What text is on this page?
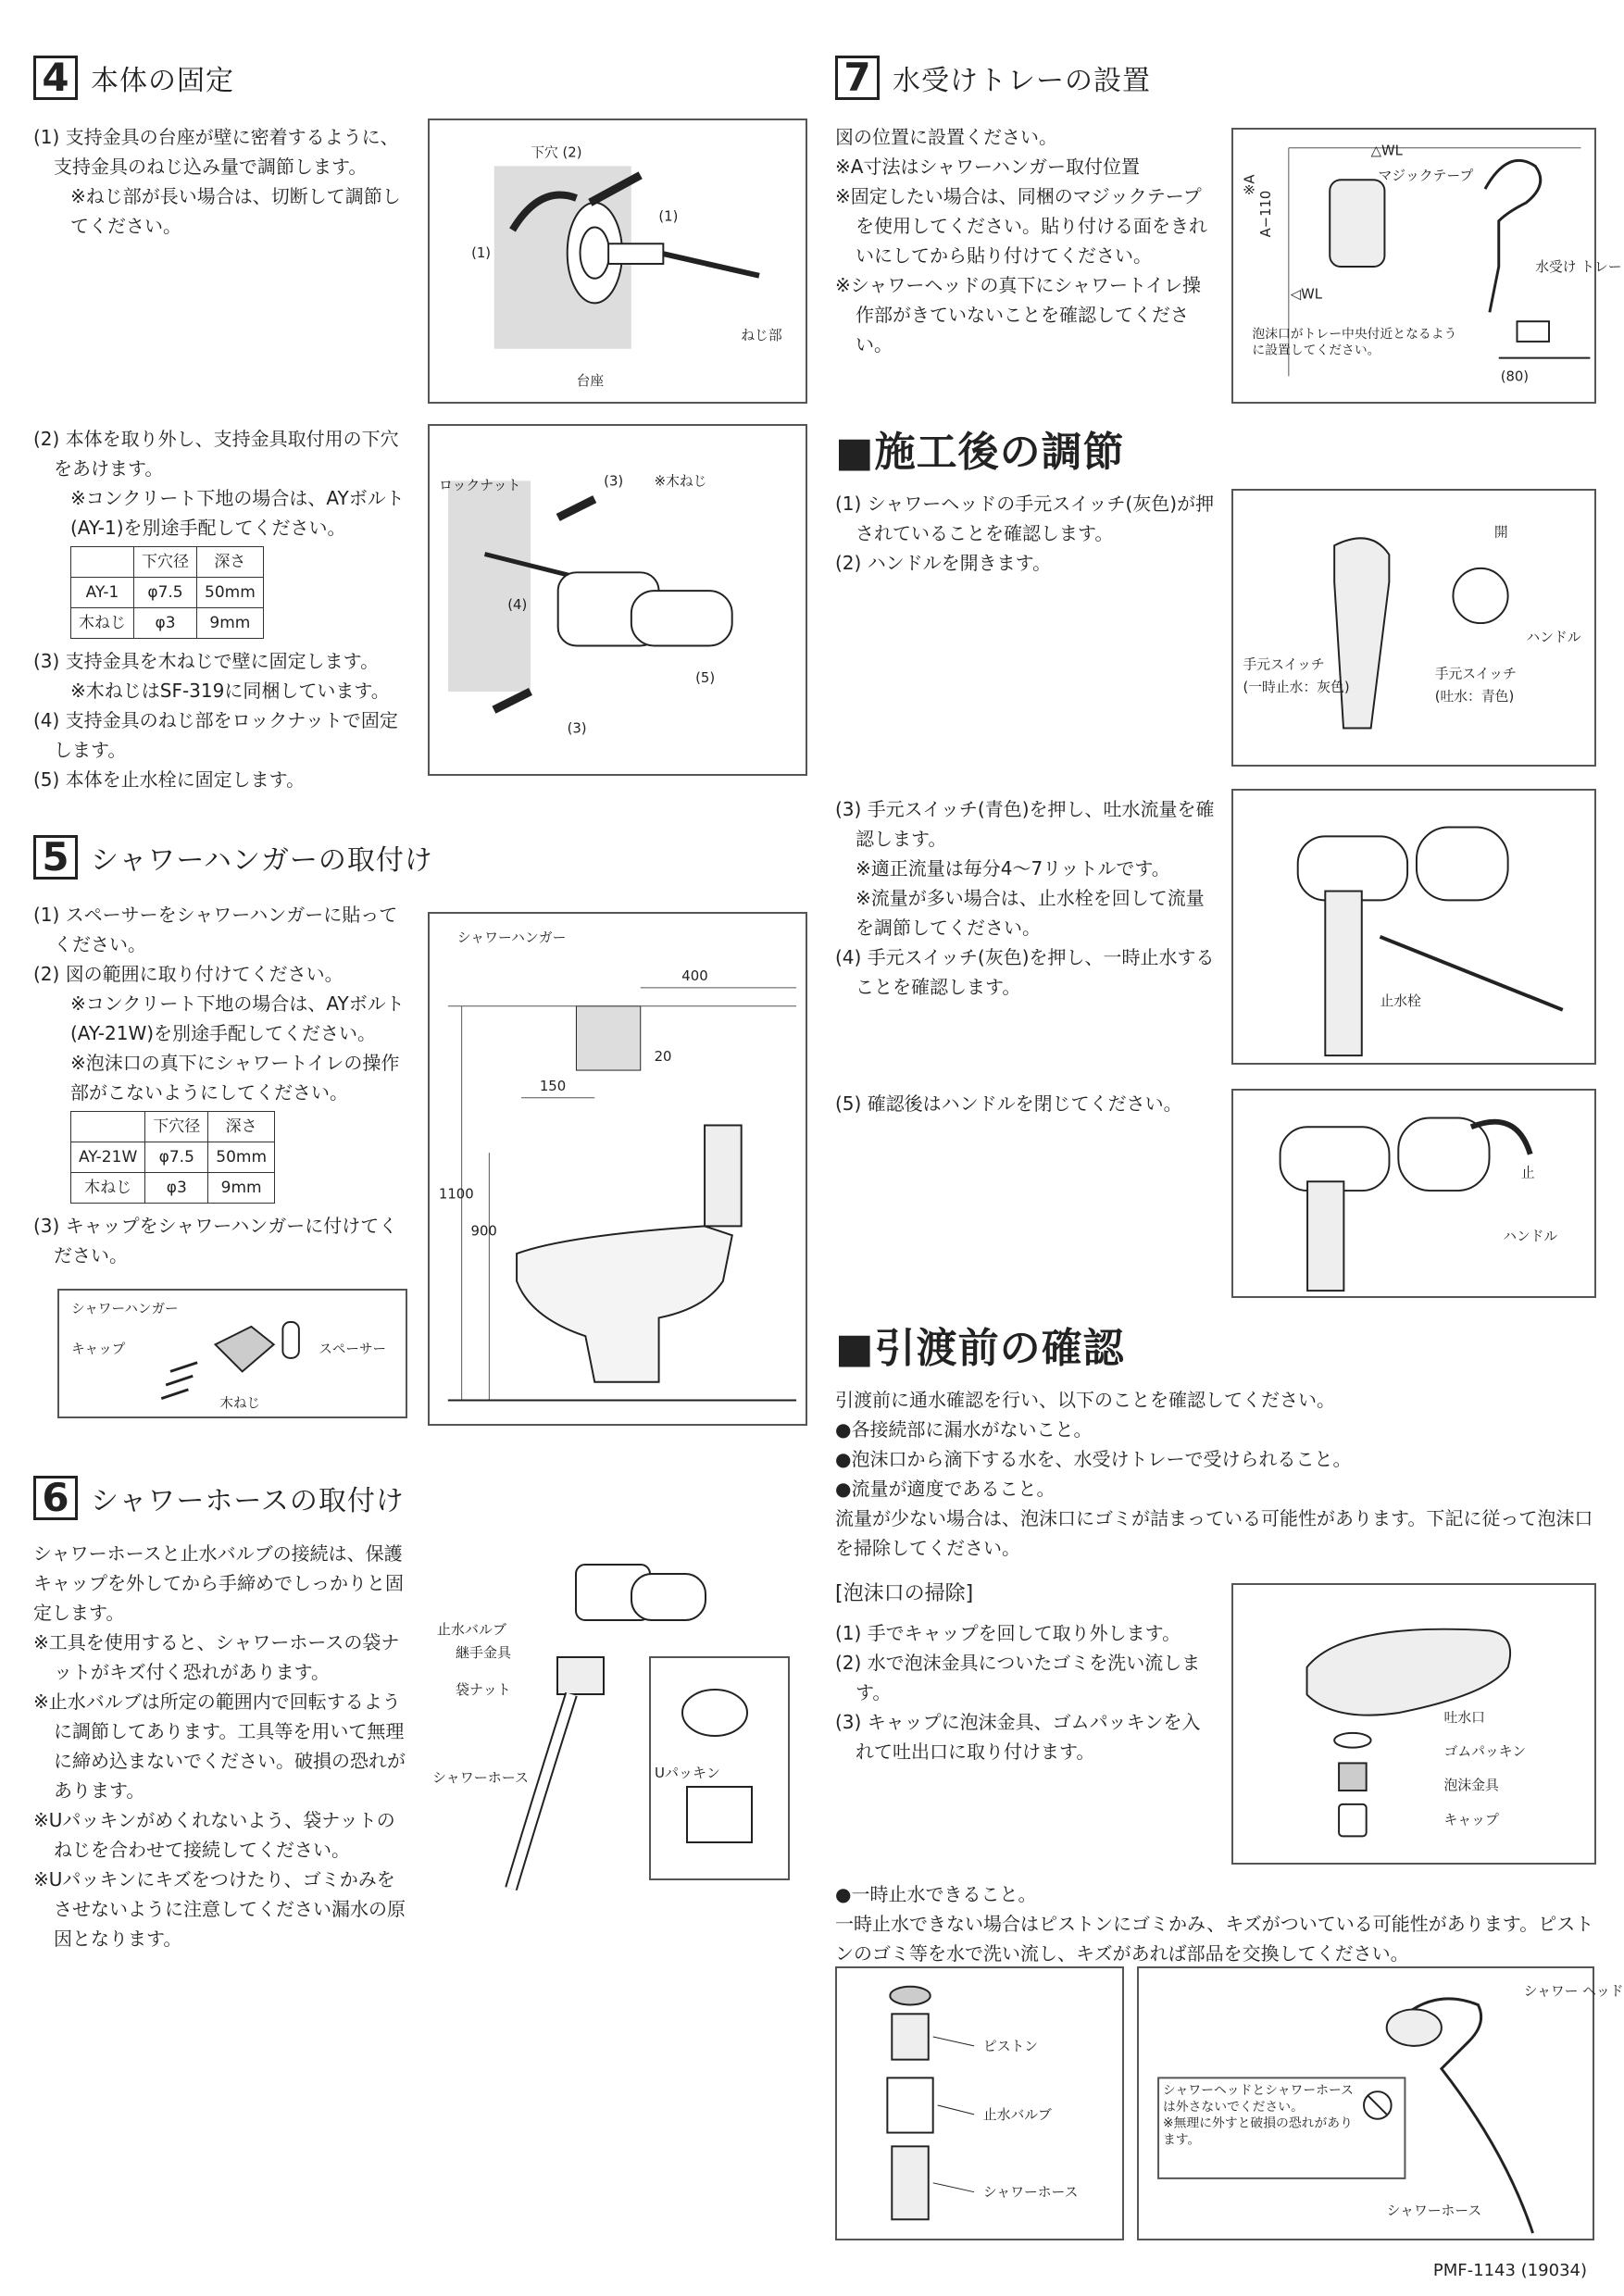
4 本体の固定

(1) 支持金具の台座が壁に密着するように、支持金具のねじ込み量で調節します。

※ねじ部が長い場合は、切断して調節してください。

下穴 (2)
(1)
(1)
台座
ねじ部

(2) 本体を取り外し、支持金具取付用の下穴をあけます。

※コンクリート下地の場合は、AYボルト(AY-1)を別途手配してください。

	下穴径	深さ
AY-1	φ7.5	50mm
木ねじ	φ3	9mm

(3) 支持金具を木ねじで壁に固定します。

※木ねじはSF-319に同梱しています。

(4) 支持金具のねじ部をロックナットで固定します。

(5) 本体を止水栓に固定します。

ロックナット	(3) ※木ねじ
(4)
(5)
(3)
5 シャワーハンガーの取付け

(1) スペーサーをシャワーハンガーに貼ってください。

(2) 図の範囲に取り付けてください。

※コンクリート下地の場合は、AYボルト(AY-21W)を別途手配してください。

※泡沫口の真下にシャワートイレの操作部がこないようにしてください。

	下穴径	深さ
AY-21W	φ7.5	50mm
木ねじ	φ3	9mm

(3) キャップをシャワーハンガーに付けてください。

シャワーハンガー
キャップ	スペーサー
木ねじ
シャワーハンガー
400
20
150
1100
900
6 シャワーホースの取付け

シャワーホースと止水バルブの接続は、保護キャップを外してから手締めでしっかりと固定します。

※工具を使用すると、シャワーホースの袋ナットがキズ付く恐れがあります。

※止水バルブは所定の範囲内で回転するように調節してあります。工具等を用いて無理に締め込まないでください。破損の恐れがあります。

※Uパッキンがめくれないよう、袋ナットのねじを合わせて接続してください。

※Uパッキンにキズをつけたり、ゴミかみをさせないように注意してください漏水の原因となります。

止水バルブ
継手金具
袋ナット
シャワーホース	Uパッキン
7 水受けトレーの設置

図の位置に設置ください。

※A寸法はシャワーハンガー取付位置

※固定したい場合は、同梱のマジックテープを使用してください。貼り付ける面をきれいにしてから貼り付けてください。

※シャワーヘッドの真下にシャワートイレ操作部がきていないことを確認してください。

※A
A−110
△WL
マジックテープ
水受け トレー
◁WL
泡沫口がトレー中央付近となるように設置してください。
(80)
■施工後の調節

(1) シャワーヘッドの手元スイッチ(灰色)が押されていることを確認します。

(2) ハンドルを開きます。

開
ハンドル
手元スイッチ
(一時止水：灰色)
手元スイッチ
(吐水：青色)

(3) 手元スイッチ(青色)を押し、吐水流量を確認します。

※適正流量は毎分4〜7リットルです。

※流量が多い場合は、止水栓を回して流量を調節してください。

(4) 手元スイッチ(灰色)を押し、一時止水することを確認します。

止水栓

(5) 確認後はハンドルを閉じてください。

止
ハンドル
■引渡前の確認

引渡前に通水確認を行い、以下のことを確認してください。

●各接続部に漏水がないこと。

●泡沫口から滴下する水を、水受けトレーで受けられること。

●流量が適度であること。

流量が少ない場合は、泡沫口にゴミが詰まっている可能性があります。下記に従って泡沫口を掃除してください。

[泡沫口の掃除]

(1) 手でキャップを回して取り外します。

(2) 水で泡沫金具についたゴミを洗い流します。

(3) キャップに泡沫金具、ゴムパッキンを入れて吐出口に取り付けます。

吐水口
ゴムパッキン
泡沫金具
キャップ

●一時止水できること。

一時止水できない場合はピストンにゴミかみ、キズがついている可能性があります。ピストンのゴミ等を水で洗い流し、キズがあれば部品を交換してください。

ピストン
止水バルブ
シャワーホース
シャワー ヘッド
シャワーヘッドとシャワーホースは外さないでください。
※無理に外すと破損の恐れがあります。
シャワーホース
PMF-1143 (19034)
